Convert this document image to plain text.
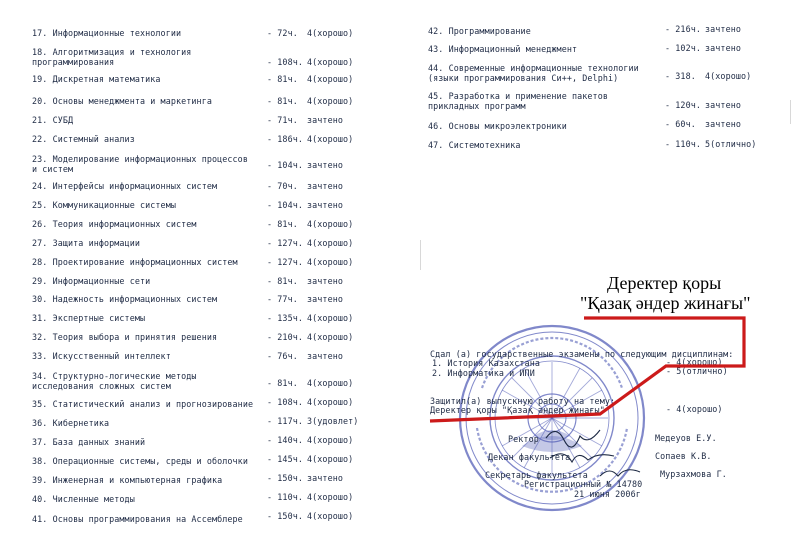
17. Информационные технологии	- 72ч. 4(хорошо)
18. Алгоритмизация и технология программирования	- 108ч. 4(хорошо)
19. Дискретная математика	- 81ч. 4(хорошо)
20. Основы менеджмента и маркетинга	- 81ч. 4(хорошо)
21. СУБД	- 71ч. зачтено
22. Системный анализ	- 186ч. 4(хорошо)
23. Моделирование информационных процессов и систем	- 104ч. зачтено
24. Интерфейсы информационных систем	- 70ч. зачтено
25. Коммуникационные системы	- 104ч. зачтено
26. Теория информационных систем	- 81ч. 4(хорошо)
27. Защита информации	- 127ч. 4(хорошо)
28. Проектирование информационных систем	- 127ч. 4(хорошо)
29. Информационные сети	- 81ч. зачтено
30. Надежность информационных систем	- 77ч. зачтено
31. Экспертные системы	- 135ч. 4(хорошо)
32. Теория выбора и принятия решения	- 210ч. 4(хорошо)
33. Искусственный интеллект	- 76ч. зачтено
34. Структурно-логические методы исследования сложных систем	- 81ч. 4(хорошо)
35. Статистический анализ и прогнозирование - 108ч. 4(хорошо)
36. Кибернетика	- 117ч. 3(удовлет)
37. База данных знаний	- 140ч. 4(хорошо)
38. Операционные системы, среды и оболочки - 145ч. 4(хорошо)
39. Инженерная и компьютерная графика	- 150ч. зачтено
40. Численные методы	- 110ч. 4(хорошо)
41. Основы программирования на Ассемблере	- 150ч. 4(хорошо)
42. Программирование	- 216ч. зачтено
43. Информационный менеджмент	- 102ч. зачтено
44. Современные информационные технологии (языки программирования Си++, Delphi)	- 318. 4(хорошо)
45. Разработка и применение пакетов прикладных программ	- 120ч. зачтено
46. Основы микроэлектроники	- 60ч. зачтено
47. Системотехника	- 110ч. 5(отлично)
Сдал (а) государственные экзамены по следующим дисциплинам:
1. История Казахстана	- 4(хорошо)
2. Информатика и ИПИ	- 5(отлично)
Защитил(а) выпускную работу на тему:
Деректер қоры "Қазақ әндер жинағы"	- 4(хорошо)
Ректор	Медеуов Е.У.
Декан факультета	Сопаев К.В.
Секретарь факультета	Мурзахмова Г.
Регистрационный № 14780
21 июня 2006г
Деректер қоры
"Қазақ әндер жинағы"
